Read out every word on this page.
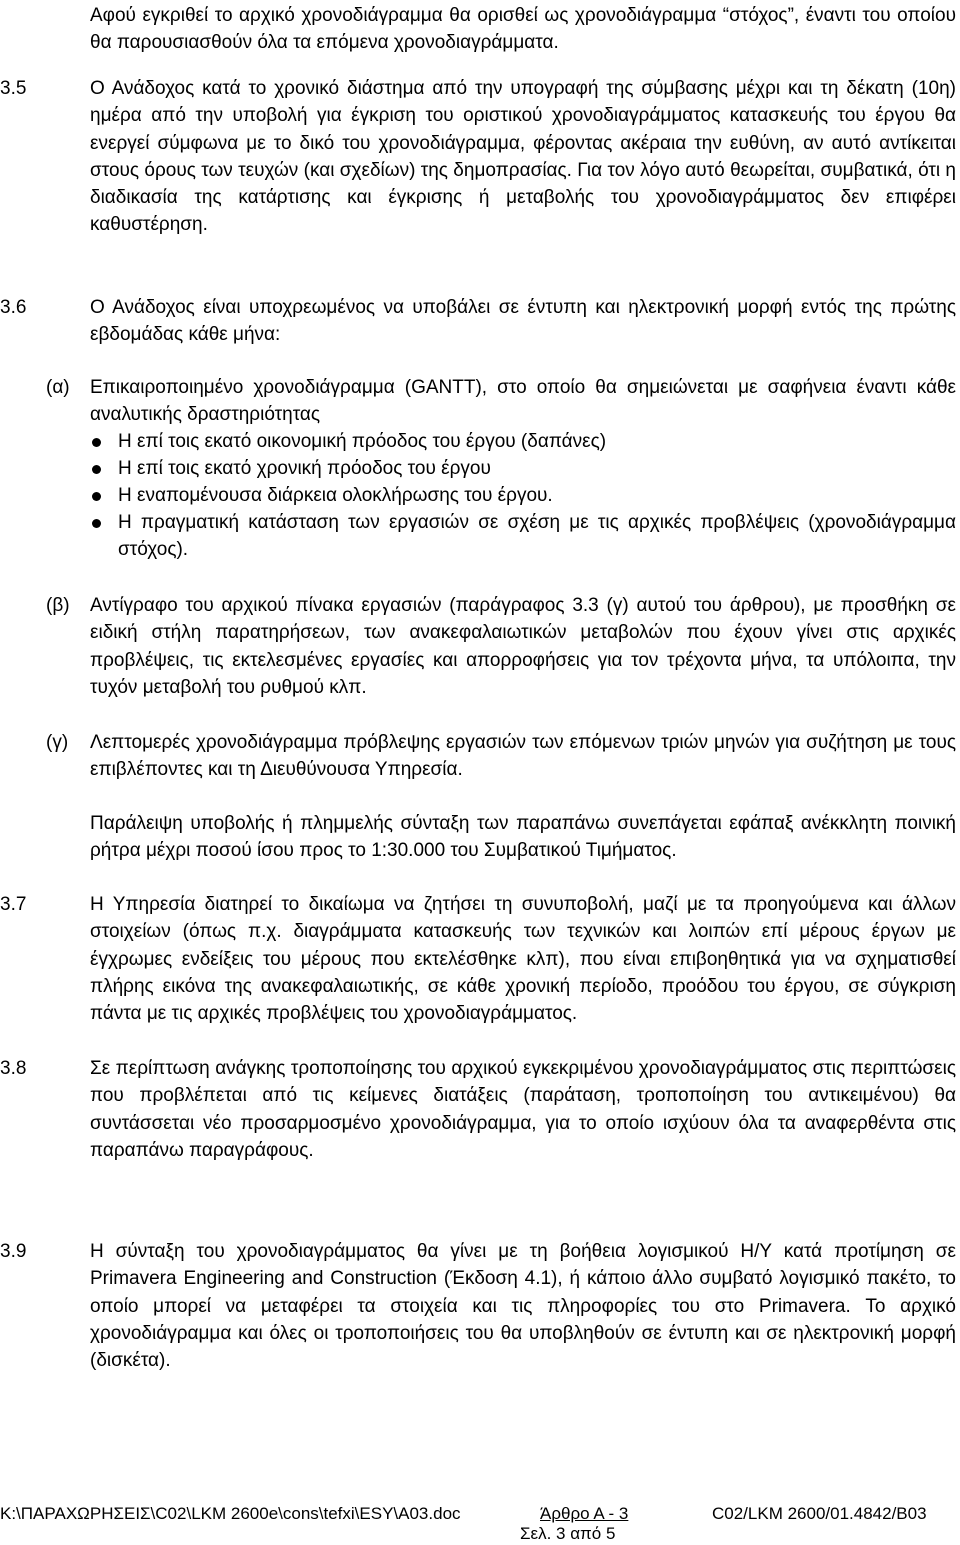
Αφού εγκριθεί το αρχικό χρονοδιάγραμμα θα ορισθεί ως χρονοδιάγραμμα “στόχος”, έναντι του οποίου θα παρουσιασθούν όλα τα επόμενα χρονοδιαγράμματα.
3.5	Ο Ανάδοχος κατά το χρονικό διάστημα από την υπογραφή της σύμβασης μέχρι και τη δέκατη (10η) ημέρα από την υποβολή για έγκριση του οριστικού χρονοδιαγράμματος κατασκευής του έργου θα ενεργεί σύμφωνα με το δικό του χρονοδιάγραμμα, φέροντας ακέραια την ευθύνη, αν αυτό αντίκειται στους όρους των τευχών (και σχεδίων) της δημοπρασίας. Για τον λόγο αυτό θεωρείται, συμβατικά, ότι η διαδικασία της κατάρτισης και έγκρισης ή μεταβολής του χρονοδιαγράμματος δεν επιφέρει καθυστέρηση.
3.6	Ο Ανάδοχος είναι υποχρεωμένος να υποβάλει σε έντυπη και ηλεκτρονική μορφή εντός της πρώτης εβδομάδας κάθε μήνα:
(α) Επικαιροποιημένο χρονοδιάγραμμα (GANTT), στο οποίο θα σημειώνεται με σαφήνεια έναντι κάθε αναλυτικής δραστηριότητας
Η επί τοις εκατό οικονομική πρόοδος του έργου (δαπάνες)
Η επί τοις εκατό χρονική πρόοδος του έργου
Η εναπομένουσα διάρκεια ολοκλήρωσης του έργου.
Η πραγματική κατάσταση των εργασιών σε σχέση με τις αρχικές προβλέψεις (χρονοδιάγραμμα στόχος).
(β) Αντίγραφο του αρχικού πίνακα εργασιών (παράγραφος 3.3 (γ) αυτού του άρθρου), με προσθήκη σε ειδική στήλη παρατηρήσεων, των ανακεφαλαιωτικών μεταβολών που έχουν γίνει στις αρχικές προβλέψεις, τις εκτελεσμένες εργασίες και απορροφήσεις για τον τρέχοντα μήνα, τα υπόλοιπα, την τυχόν μεταβολή του ρυθμού κλπ.
(γ) Λεπτομερές χρονοδιάγραμμα πρόβλεψης εργασιών των επόμενων τριών μηνών για συζήτηση με τους επιβλέποντες και τη Διευθύνουσα Υπηρεσία.
Παράλειψη υποβολής ή πλημμελής σύνταξη των παραπάνω συνεπάγεται εφάπαξ ανέκκλητη ποινική ρήτρα μέχρι ποσού ίσου προς το 1:30.000 του Συμβατικού Τιμήματος.
3.7	Η Υπηρεσία διατηρεί το δικαίωμα να ζητήσει τη συνυποβολή, μαζί με τα προηγούμενα και άλλων στοιχείων (όπως π.χ. διαγράμματα κατασκευής των τεχνικών και λοιπών επί μέρους έργων με έγχρωμες ενδείξεις του μέρους που εκτελέσθηκε κλπ), που είναι επιβοηθητικά για να σχηματισθεί πλήρης εικόνα της ανακεφαλαιωτικής, σε κάθε χρονική περίοδο, προόδου του έργου, σε σύγκριση πάντα με τις αρχικές προβλέψεις του χρονοδιαγράμματος.
3.8	Σε περίπτωση ανάγκης τροποποίησης του αρχικού εγκεκριμένου χρονοδιαγράμματος στις περιπτώσεις που προβλέπεται από τις κείμενες διατάξεις (παράταση, τροποποίηση του αντικειμένου) θα συντάσσεται νέο προσαρμοσμένο χρονοδιάγραμμα, για το οποίο ισχύουν όλα τα αναφερθέντα στις παραπάνω παραγράφους.
3.9	Η σύνταξη του χρονοδιαγράμματος θα γίνει με τη βοήθεια λογισμικού Η/Υ κατά προτίμηση σε Primavera Engineering and Construction (Έκδοση 4.1), ή κάποιο άλλο συμβατό λογισμικό πακέτο, το οποίο μπορεί να μεταφέρει τα στοιχεία και τις πληροφορίες του στο Primavera. Το αρχικό χρονοδιάγραμμα και όλες οι τροποποιήσεις του θα υποβληθούν σε έντυπη και σε ηλεκτρονική μορφή (δισκέτα).
K:\ΠΑΡΑΧΩΡΗΣΕΙΣ\C02\LKM 2600e\cons\tefxi\ESY\A03.doc	Άρθρο Α - 3	C02/LKM 2600/01.4842/B03
Σελ. 3 από 5
